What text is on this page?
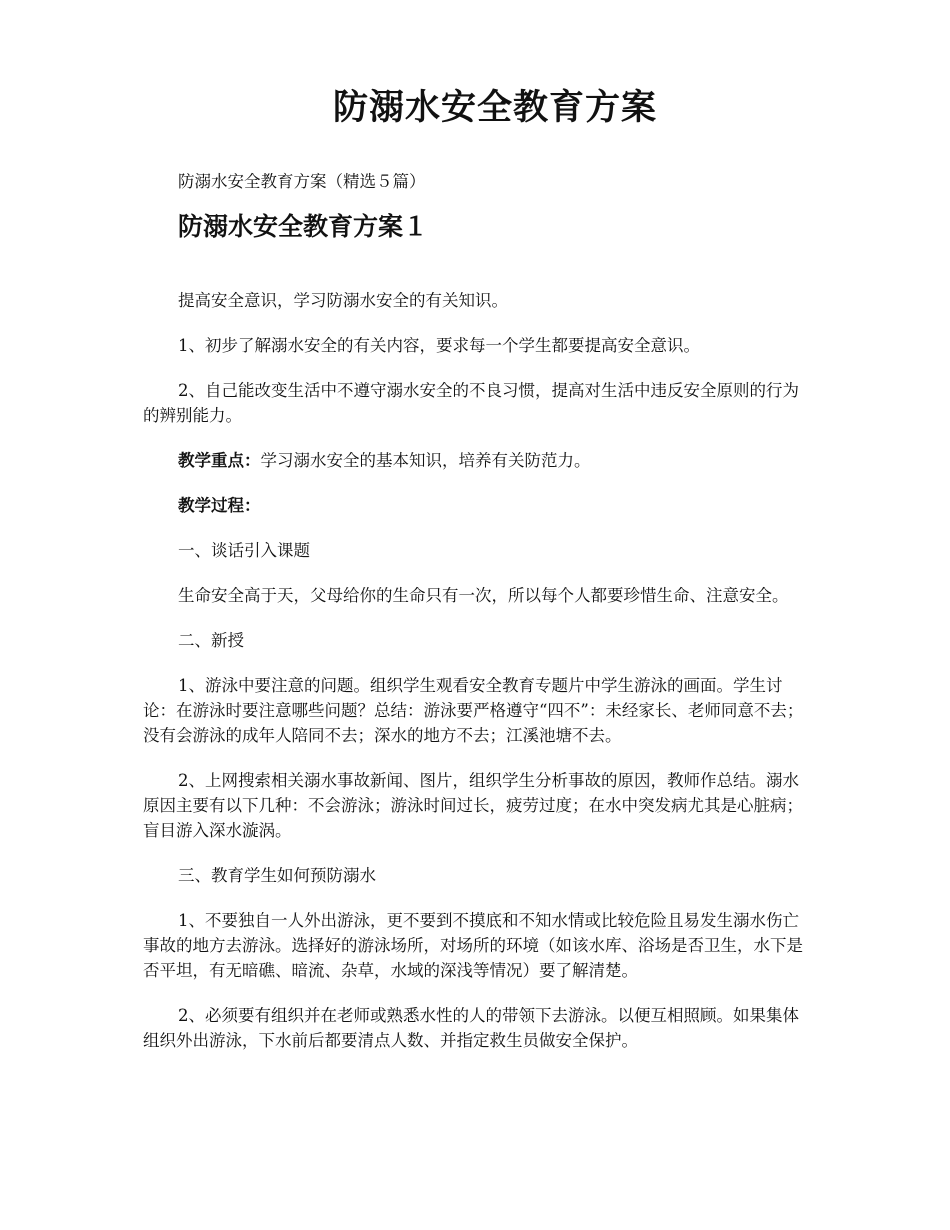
防溺水安全教育方案

防溺水安全教育方案（精选５篇）

防溺水安全教育方案１

提高安全意识，学习防溺水安全的有关知识。

1、初步了解溺水安全的有关内容，要求每一个学生都要提高安全意识。

2、自己能改变生活中不遵守溺水安全的不良习惯，提高对生活中违反安全原则的行为的辨别能力。

教学重点：学习溺水安全的基本知识，培养有关防范力。

教学过程：

一、谈话引入课题

生命安全高于天，父母给你的生命只有一次，所以每个人都要珍惜生命、注意安全。

二、新授

1、游泳中要注意的问题。组织学生观看安全教育专题片中学生游泳的画面。学生讨论：在游泳时要注意哪些问题？总结：游泳要严格遵守“四不”：未经家长、老师同意不去；没有会游泳的成年人陪同不去；深水的地方不去；江溪池塘不去。

2、上网搜索相关溺水事故新闻、图片，组织学生分析事故的原因，教师作总结。溺水原因主要有以下几种：不会游泳；游泳时间过长，疲劳过度；在水中突发病尤其是心脏病；盲目游入深水漩涡。

三、教育学生如何预防溺水

1、不要独自一人外出游泳，更不要到不摸底和不知水情或比较危险且易发生溺水伤亡事故的地方去游泳。选择好的游泳场所，对场所的环境（如该水库、浴场是否卫生，水下是否平坦，有无暗礁、暗流、杂草，水域的深浅等情况）要了解清楚。

2、必须要有组织并在老师或熟悉水性的人的带领下去游泳。以便互相照顾。如果集体组织外出游泳，下水前后都要清点人数、并指定救生员做安全保护。
